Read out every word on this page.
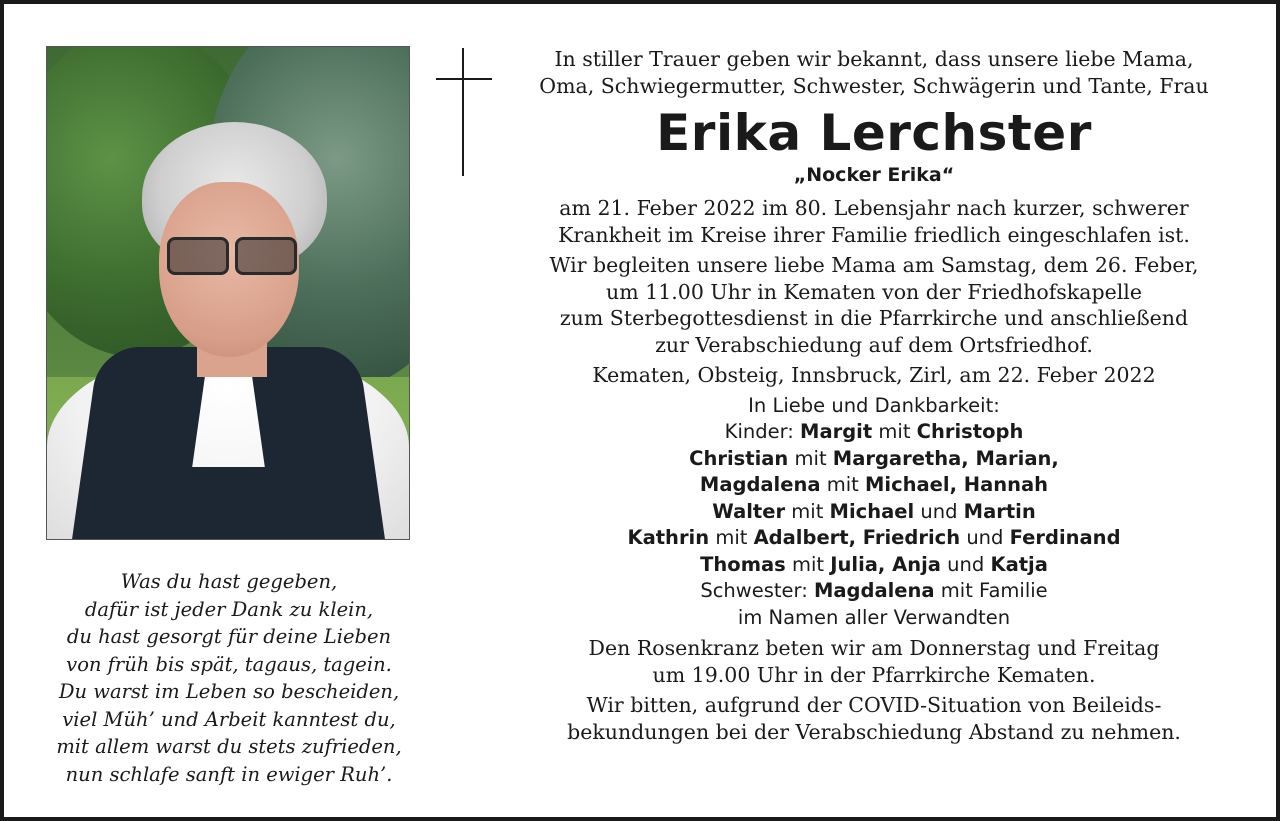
Was du hast gegeben,
dafür ist jeder Dank zu klein,
du hast gesorgt für deine Lieben
von früh bis spät, tagaus, tagein.
Du warst im Leben so bescheiden,
viel Müh’ und Arbeit kanntest du,
mit allem warst du stets zufrieden,
nun schlafe sanft in ewiger Ruh’.
In stiller Trauer geben wir bekannt, dass unsere liebe Mama,
Oma, Schwiegermutter, Schwester, Schwägerin und Tante, Frau
Erika Lerchster
„Nocker Erika“
am 21. Feber 2022 im 80. Lebensjahr nach kurzer, schwerer
Krankheit im Kreise ihrer Familie friedlich eingeschlafen ist.
Wir begleiten unsere liebe Mama am Samstag, dem 26. Feber,
um 11.00 Uhr in Kematen von der Friedhofskapelle
zum Sterbegottesdienst in die Pfarrkirche und anschließend
zur Verabschiedung auf dem Ortsfriedhof.
Kematen, Obsteig, Innsbruck, Zirl, am 22. Feber 2022
In Liebe und Dankbarkeit:
Kinder: Margit mit Christoph
Christian mit Margaretha, Marian,
Magdalena mit Michael, Hannah
Walter mit Michael und Martin
Kathrin mit Adalbert, Friedrich und Ferdinand
Thomas mit Julia, Anja und Katja
Schwester: Magdalena mit Familie
im Namen aller Verwandten
Den Rosenkranz beten wir am Donnerstag und Freitag
um 19.00 Uhr in der Pfarrkirche Kematen.
Wir bitten, aufgrund der COVID-Situation von Beileids-
bekundungen bei der Verabschiedung Abstand zu nehmen.
